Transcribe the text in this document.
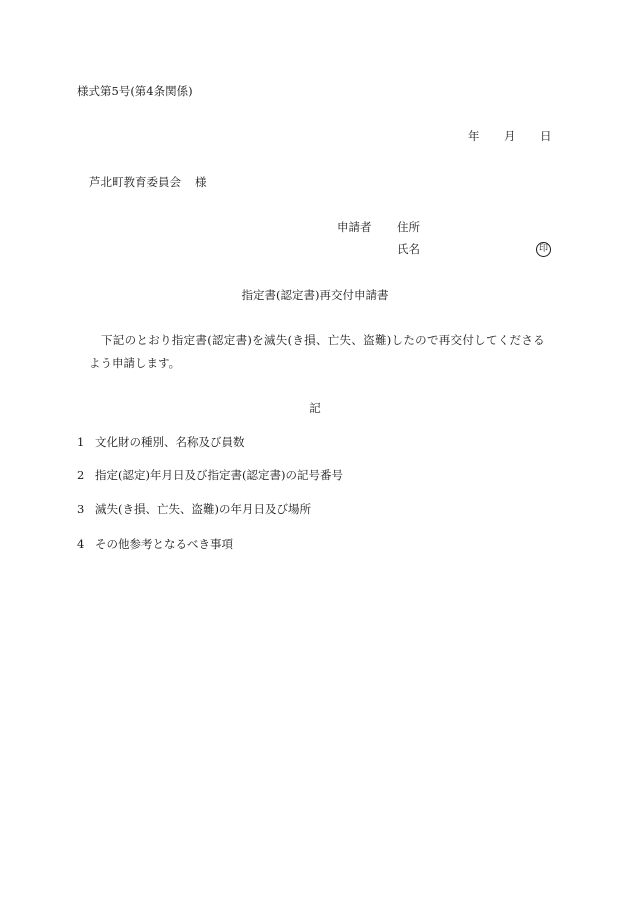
様式第5号(第4条関係)
年 月 日
芦北町教育委員会 様
申請者 住所
氏名	印
指定書(認定書)再交付申請書
下記のとおり指定書(認定書)を滅失(き損、亡失、盗難)したので再交付してくださる
よう申請します。
記
1 文化財の種別、名称及び員数
2 指定(認定)年月日及び指定書(認定書)の記号番号
3 滅失(き損、亡失、盗難)の年月日及び場所
4 その他参考となるべき事項
